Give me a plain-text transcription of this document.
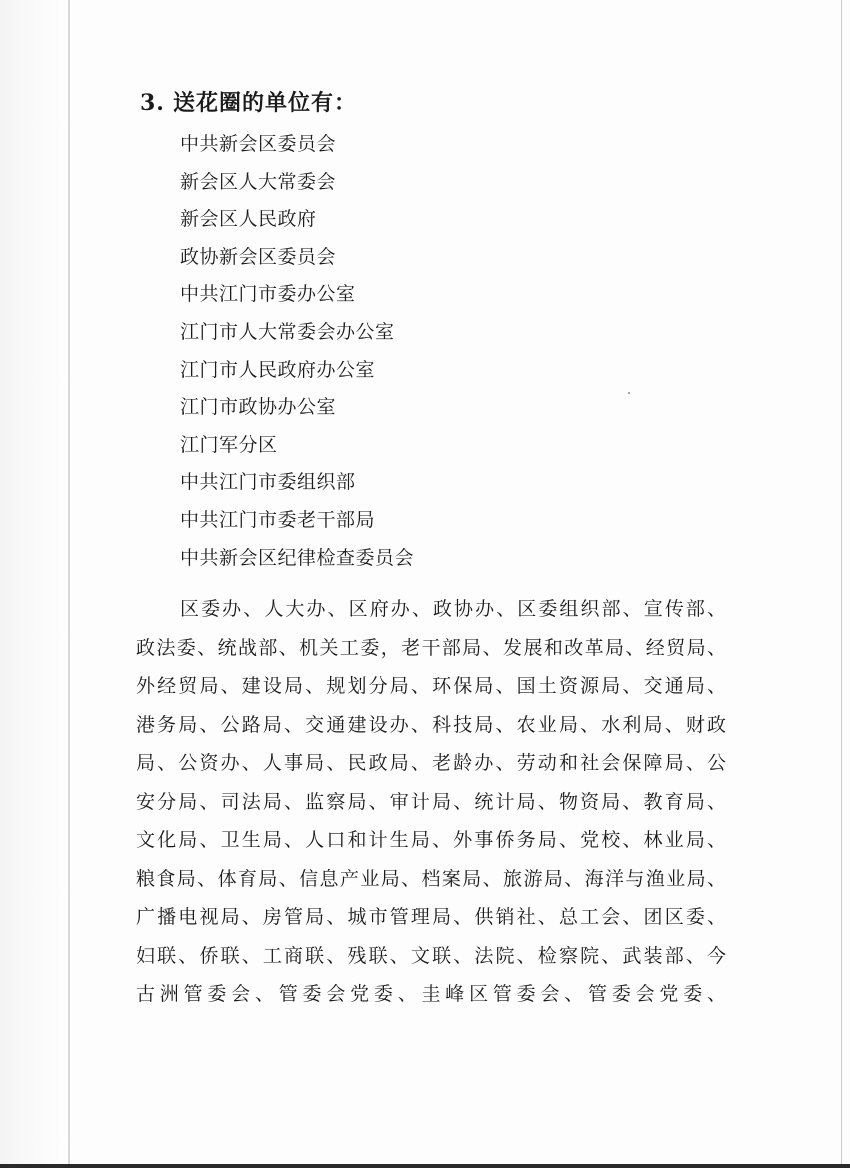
3. 送花圈的单位有：
中共新会区委员会
新会区人大常委会
新会区人民政府
政协新会区委员会
中共江门市委办公室
江门市人大常委会办公室
江门市人民政府办公室
江门市政协办公室
江门军分区
中共江门市委组织部
中共江门市委老干部局
中共新会区纪律检查委员会
区委办、人大办、区府办、政协办、区委组织部、宣传部、
政法委、统战部、机关工委，老干部局、发展和改革局、经贸局、
外经贸局、建设局、规划分局、环保局、国土资源局、交通局、
港务局、公路局、交通建设办、科技局、农业局、水利局、财政
局、公资办、人事局、民政局、老龄办、劳动和社会保障局、公
安分局、司法局、监察局、审计局、统计局、物资局、教育局、
文化局、卫生局、人口和计生局、外事侨务局、党校、林业局、
粮食局、体育局、信息产业局、档案局、旅游局、海洋与渔业局、
广播电视局、房管局、城市管理局、供销社、总工会、团区委、
妇联、侨联、工商联、残联、文联、法院、检察院、武装部、今
古洲管委会、管委会党委、圭峰区管委会、管委会党委、
